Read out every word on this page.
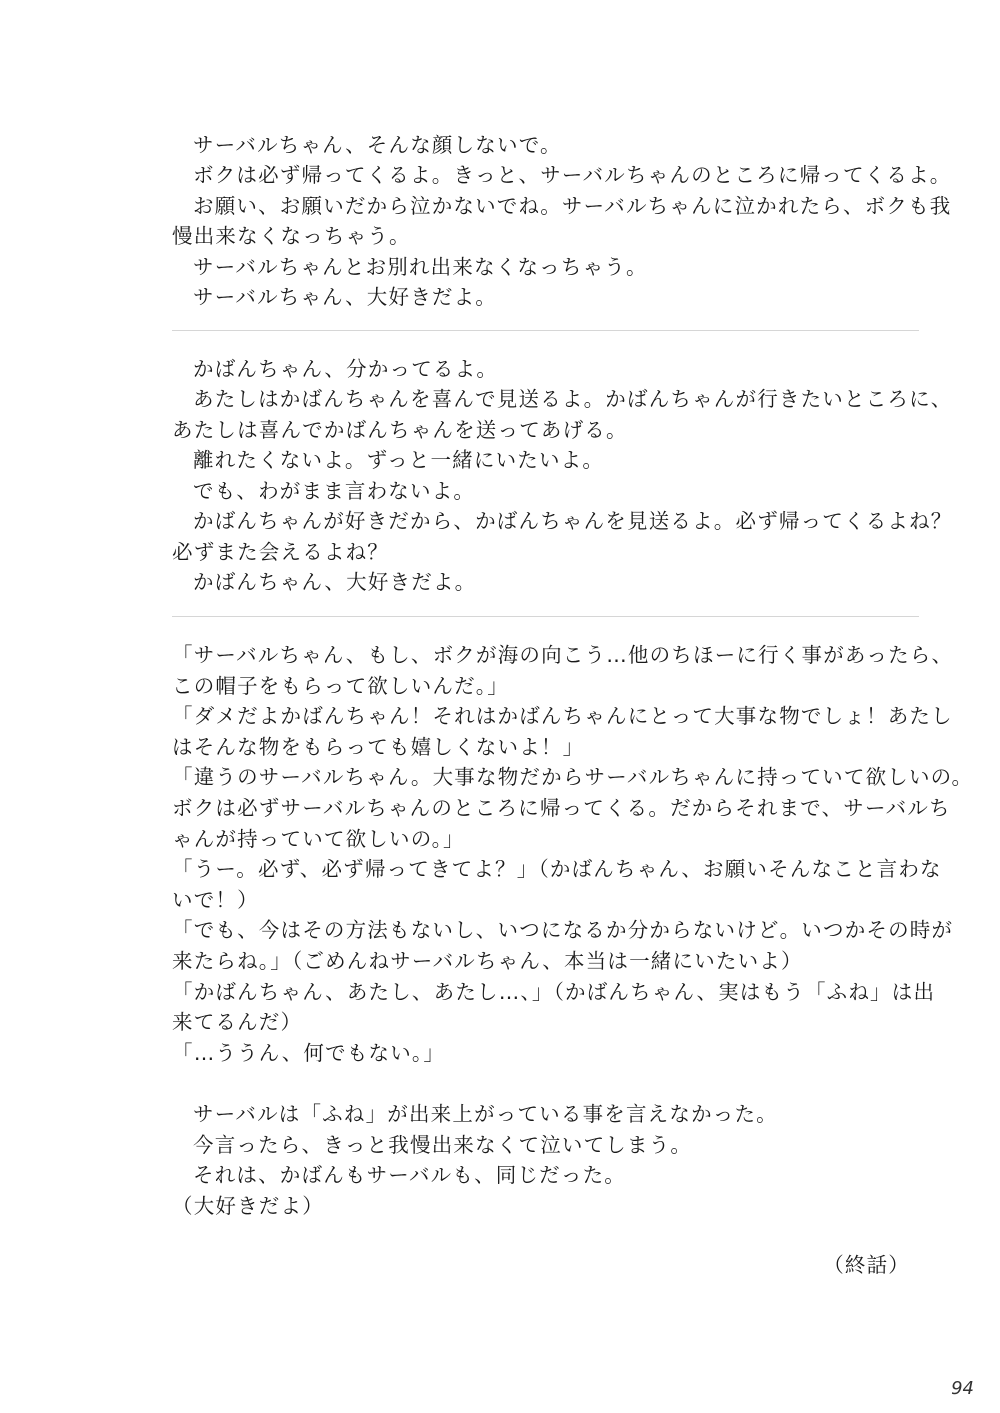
サーバルちゃん、そんな顔しないで。
ボクは必ず帰ってくるよ。きっと、サーバルちゃんのところに帰ってくるよ。
お願い、お願いだから泣かないでね。サーバルちゃんに泣かれたら、ボクも我
慢出来なくなっちゃう。
サーバルちゃんとお別れ出来なくなっちゃう。
サーバルちゃん、大好きだよ。
かばんちゃん、分かってるよ。
あたしはかばんちゃんを喜んで見送るよ。かばんちゃんが行きたいところに、
あたしは喜んでかばんちゃんを送ってあげる。
離れたくないよ。ずっと一緒にいたいよ。
でも、わがまま言わないよ。
かばんちゃんが好きだから、かばんちゃんを見送るよ。必ず帰ってくるよね？
必ずまた会えるよね？
かばんちゃん、大好きだよ。
「サーバルちゃん、もし、ボクが海の向こう…他のちほーに行く事があったら、
この帽子をもらって欲しいんだ。」
「ダメだよかばんちゃん！それはかばんちゃんにとって大事な物でしょ！あたし
はそんな物をもらっても嬉しくないよ！」
「違うのサーバルちゃん。大事な物だからサーバルちゃんに持っていて欲しいの。
ボクは必ずサーバルちゃんのところに帰ってくる。だからそれまで、サーバルち
ゃんが持っていて欲しいの。」
「うー。必ず、必ず帰ってきてよ？」（かばんちゃん、お願いそんなこと言わな
いで！）
「でも、今はその方法もないし、いつになるか分からないけど。いつかその時が
来たらね。」（ごめんねサーバルちゃん、本当は一緒にいたいよ）
「かばんちゃん、あたし、あたし…、」（かばんちゃん、実はもう「ふね」は出
来てるんだ）
「…ううん、何でもない。」
サーバルは「ふね」が出来上がっている事を言えなかった。
今言ったら、きっと我慢出来なくて泣いてしまう。
それは、かばんもサーバルも、同じだった。
（大好きだよ）
（終話）
94
